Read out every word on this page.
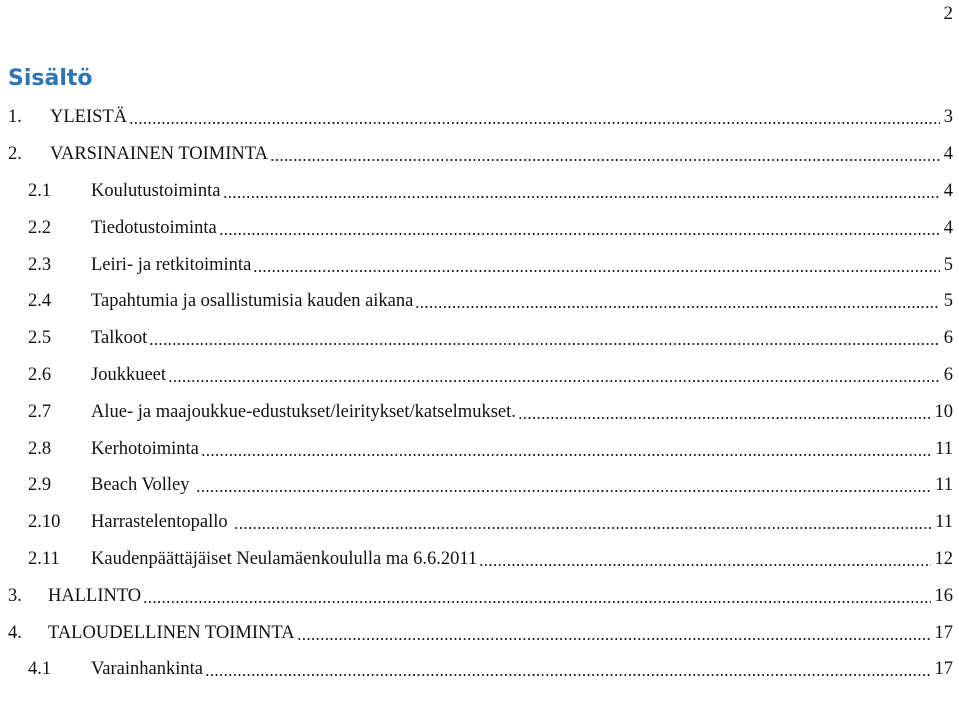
2
Sisältö
1.	YLEISTÄ	3
2.	VARSINAINEN TOIMINTA	4
2.1	Koulutustoiminta	4
2.2	Tiedotustoiminta	4
2.3	Leiri- ja retkitoiminta	5
2.4	Tapahtumia ja osallistumisia kauden aikana	5
2.5	Talkoot	6
2.6	Joukkueet	6
2.7	Alue- ja maajoukkue-edustukset/leiritykset/katselmukset.	10
2.8	Kerhotoiminta	11
2.9	Beach Volley	11
2.10	Harrastelentopallo	11
2.11	Kaudenpäättäjäiset Neulamäenkoululla ma 6.6.2011	12
3.	HALLINTO	16
4.	TALOUDELLINEN TOIMINTA	17
4.1	Varainhankinta	17
